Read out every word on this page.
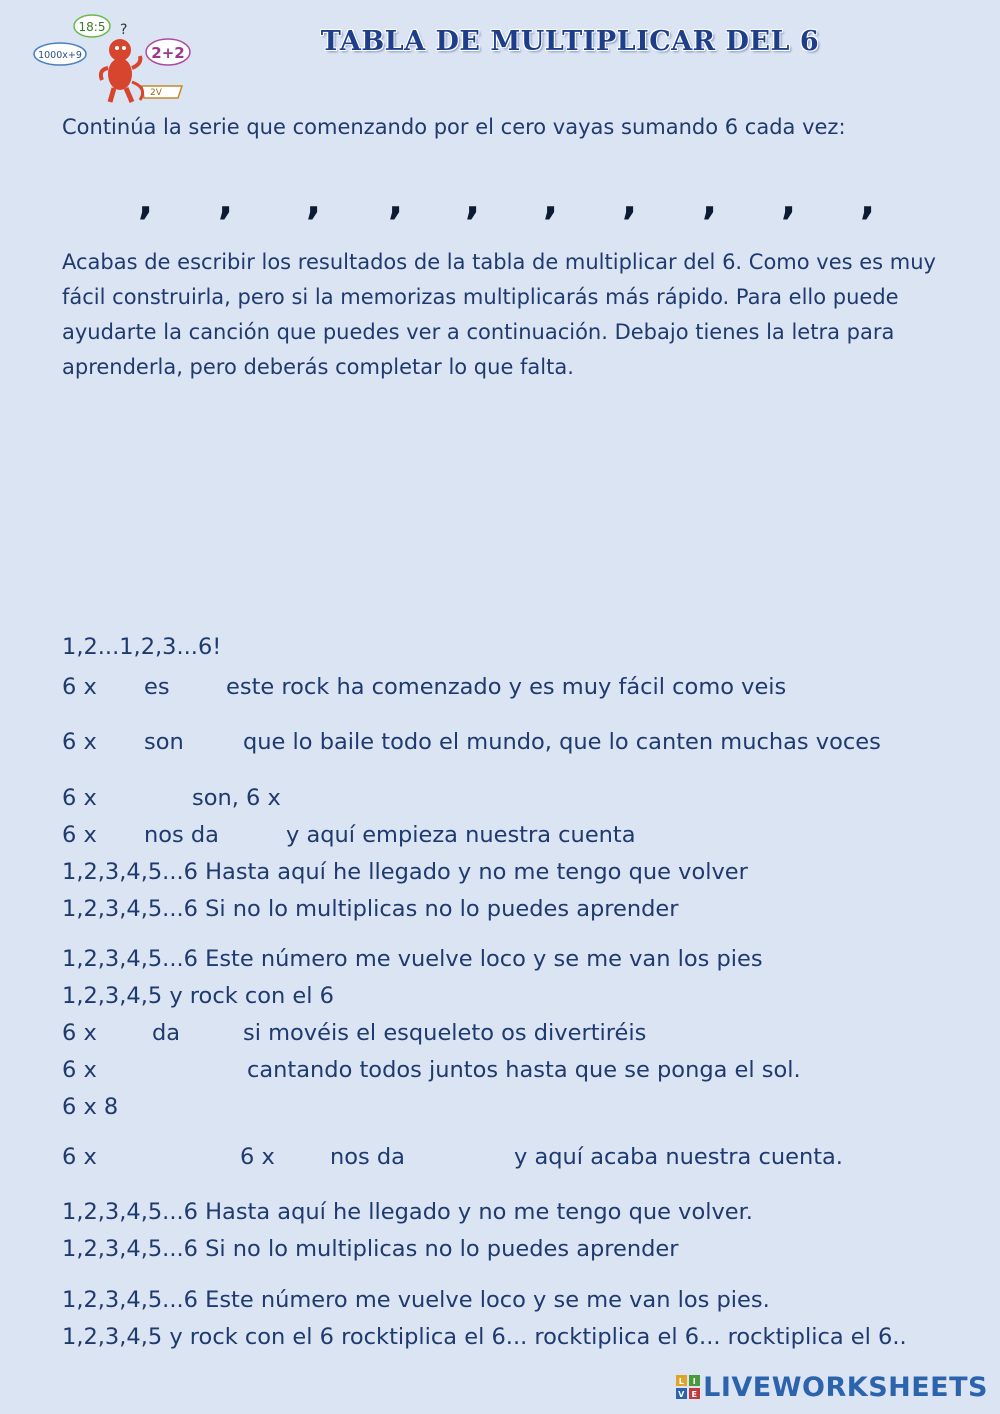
18:5
1000x+9	2+2
2V
?	TABLA DE MULTIPLICAR DEL 6
Continúa la serie que comenzando por el cero vayas sumando 6 cada vez:
, , , , , , , , , ,
Acabas de escribir los resultados de la tabla de multiplicar del 6. Como ves es muy fácil construirla, pero si la memorizas multiplicarás más rápido. Para ello puede ayudarte la canción que puedes ver a continuación. Debajo tienes la letra para aprenderla, pero deberás completar lo que falta.
1,2...1,2,3...6!
6 x es	este rock ha comenzado y es muy fácil como veis
6 x son	que lo baile todo el mundo, que lo canten muchas voces
6 x	son, 6 x
6 x nos da	y aquí empieza nuestra cuenta
1,2,3,4,5...6 Hasta aquí he llegado y no me tengo que volver
1,2,3,4,5...6 Si no lo multiplicas no lo puedes aprender
1,2,3,4,5...6 Este número me vuelve loco y se me van los pies
1,2,3,4,5 y rock con el 6
6 x da	si movéis el esqueleto os divertiréis
6 x	cantando todos juntos hasta que se ponga el sol.
6 x 8
6 x	6 x nos da	y aquí acaba nuestra cuenta.
1,2,3,4,5...6 Hasta aquí he llegado y no me tengo que volver.
1,2,3,4,5...6 Si no lo multiplicas no lo puedes aprender
1,2,3,4,5...6 Este número me vuelve loco y se me van los pies.
1,2,3,4,5 y rock con el 6 rocktiplica el 6... rocktiplica el 6... rocktiplica el 6..
L I
V E LIVEWORKSHEETS
